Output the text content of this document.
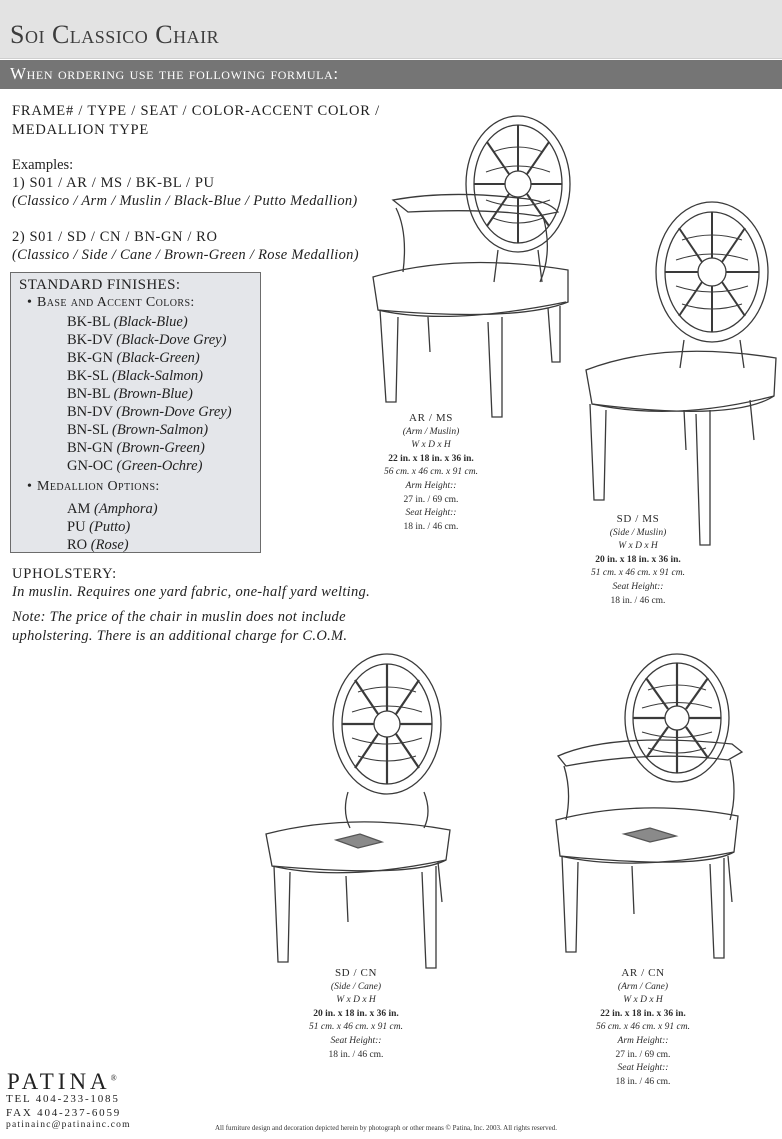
Soi Classico Chair
When ordering use the following formula:
FRAME# / TYPE / SEAT / COLOR-ACCENT COLOR /
MEDALLION TYPE
Examples:
1) S01 / AR / MS / BK-BL / PU
(Classico / Arm / Muslin / Black-Blue / Putto Medallion)
2) S01 / SD / CN / BN-GN / RO
(Classico / Side / Cane / Brown-Green / Rose Medallion)
STANDARD FINISHES:
• Base and Accent Colors:
BK-BL (Black-Blue)
BK-DV (Black-Dove Grey)
BK-GN (Black-Green)
BK-SL (Black-Salmon)
BN-BL (Brown-Blue)
BN-DV (Brown-Dove Grey)
BN-SL (Brown-Salmon)
BN-GN (Brown-Green)
GN-OC (Green-Ochre)
• Medallion Options:
AM (Amphora)
PU (Putto)
RO (Rose)
UPHOLSTERY:
In muslin. Requires one yard fabric, one-half yard welting.
Note: The price of the chair in muslin does not include
upholstering. There is an additional charge for C.O.M.
AR / MS
(Arm / Muslin)
W x D x H
22 in. x 18 in. x 36 in.
56 cm. x 46 cm. x 91 cm.
Arm Height::
27 in. / 69 cm.
Seat Height::
18 in. / 46 cm.
SD / MS
(Side / Muslin)
W x D x H
20 in. x 18 in. x 36 in.
51 cm. x 46 cm. x 91 cm.
Seat Height::
18 in. / 46 cm.
SD / CN
(Side / Cane)
W x D x H
20 in. x 18 in. x 36 in.
51 cm. x 46 cm. x 91 cm.
Seat Height::
18 in. / 46 cm.
AR / CN
(Arm / Cane)
W x D x H
22 in. x 18 in. x 36 in.
56 cm. x 46 cm. x 91 cm.
Arm Height::
27 in. / 69 cm.
Seat Height::
18 in. / 46 cm.
PATINA®
TEL 404-233-1085
FAX 404-237-6059
patinainc@patinainc.com	All furniture design and decoration depicted herein by photograph or other means © Patina, Inc. 2003. All rights reserved.
